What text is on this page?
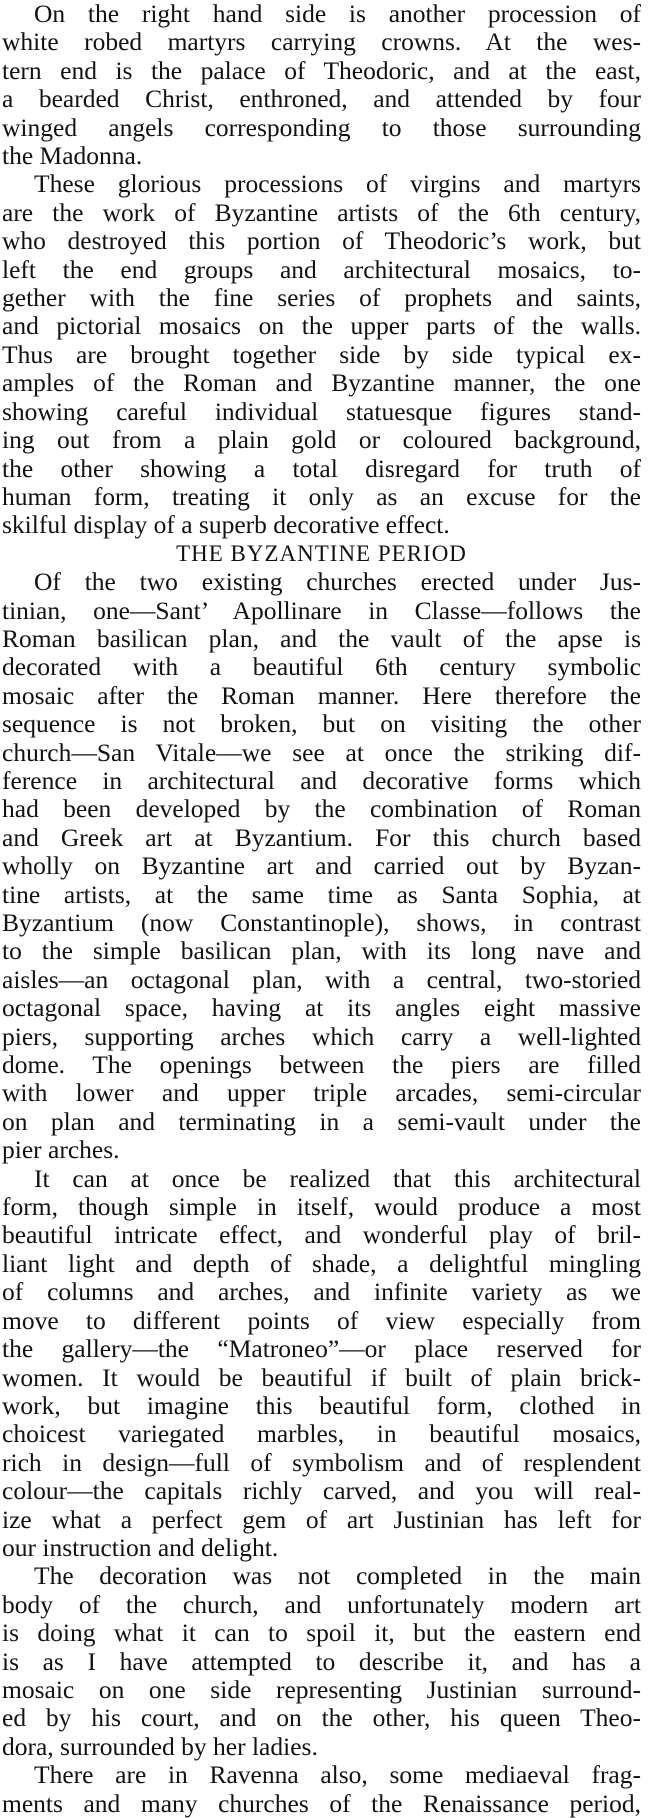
On the right hand side is another procession of
white robed martyrs carrying crowns. At the wes-
tern end is the palace of Theodoric, and at the east,
a bearded Christ, enthroned, and attended by four
winged angels corresponding to those surrounding
the Madonna.
These glorious processions of virgins and martyrs
are the work of Byzantine artists of the 6th century,
who destroyed this portion of Theodoric’s work, but
left the end groups and architectural mosaics, to-
gether with the fine series of prophets and saints,
and pictorial mosaics on the upper parts of the walls.
Thus are brought together side by side typical ex-
amples of the Roman and Byzantine manner, the one
showing careful individual statuesque figures stand-
ing out from a plain gold or coloured background,
the other showing a total disregard for truth of
human form, treating it only as an excuse for the
skilful display of a superb decorative effect.
THE BYZANTINE PERIOD
Of the two existing churches erected under Jus-
tinian, one—Sant’ Apollinare in Classe—follows the
Roman basilican plan, and the vault of the apse is
decorated with a beautiful 6th century symbolic
mosaic after the Roman manner. Here therefore the
sequence is not broken, but on visiting the other
church—San Vitale—we see at once the striking dif-
ference in architectural and decorative forms which
had been developed by the combination of Roman
and Greek art at Byzantium. For this church based
wholly on Byzantine art and carried out by Byzan-
tine artists, at the same time as Santa Sophia, at
Byzantium (now Constantinople), shows, in contrast
to the simple basilican plan, with its long nave and
aisles—an octagonal plan, with a central, two-storied
octagonal space, having at its angles eight massive
piers, supporting arches which carry a well-lighted
dome. The openings between the piers are filled
with lower and upper triple arcades, semi-circular
on plan and terminating in a semi-vault under the
pier arches.
It can at once be realized that this architectural
form, though simple in itself, would produce a most
beautiful intricate effect, and wonderful play of bril-
liant light and depth of shade, a delightful mingling
of columns and arches, and infinite variety as we
move to different points of view especially from
the gallery—the “Matroneo”—or place reserved for
women. It would be beautiful if built of plain brick-
work, but imagine this beautiful form, clothed in
choicest variegated marbles, in beautiful mosaics,
rich in design—full of symbolism and of resplendent
colour—the capitals richly carved, and you will real-
ize what a perfect gem of art Justinian has left for
our instruction and delight.
The decoration was not completed in the main
body of the church, and unfortunately modern art
is doing what it can to spoil it, but the eastern end
is as I have attempted to describe it, and has a
mosaic on one side representing Justinian surround-
ed by his court, and on the other, his queen Theo-
dora, surrounded by her ladies.
There are in Ravenna also, some mediaeval frag-
ments and many churches of the Renaissance period,
